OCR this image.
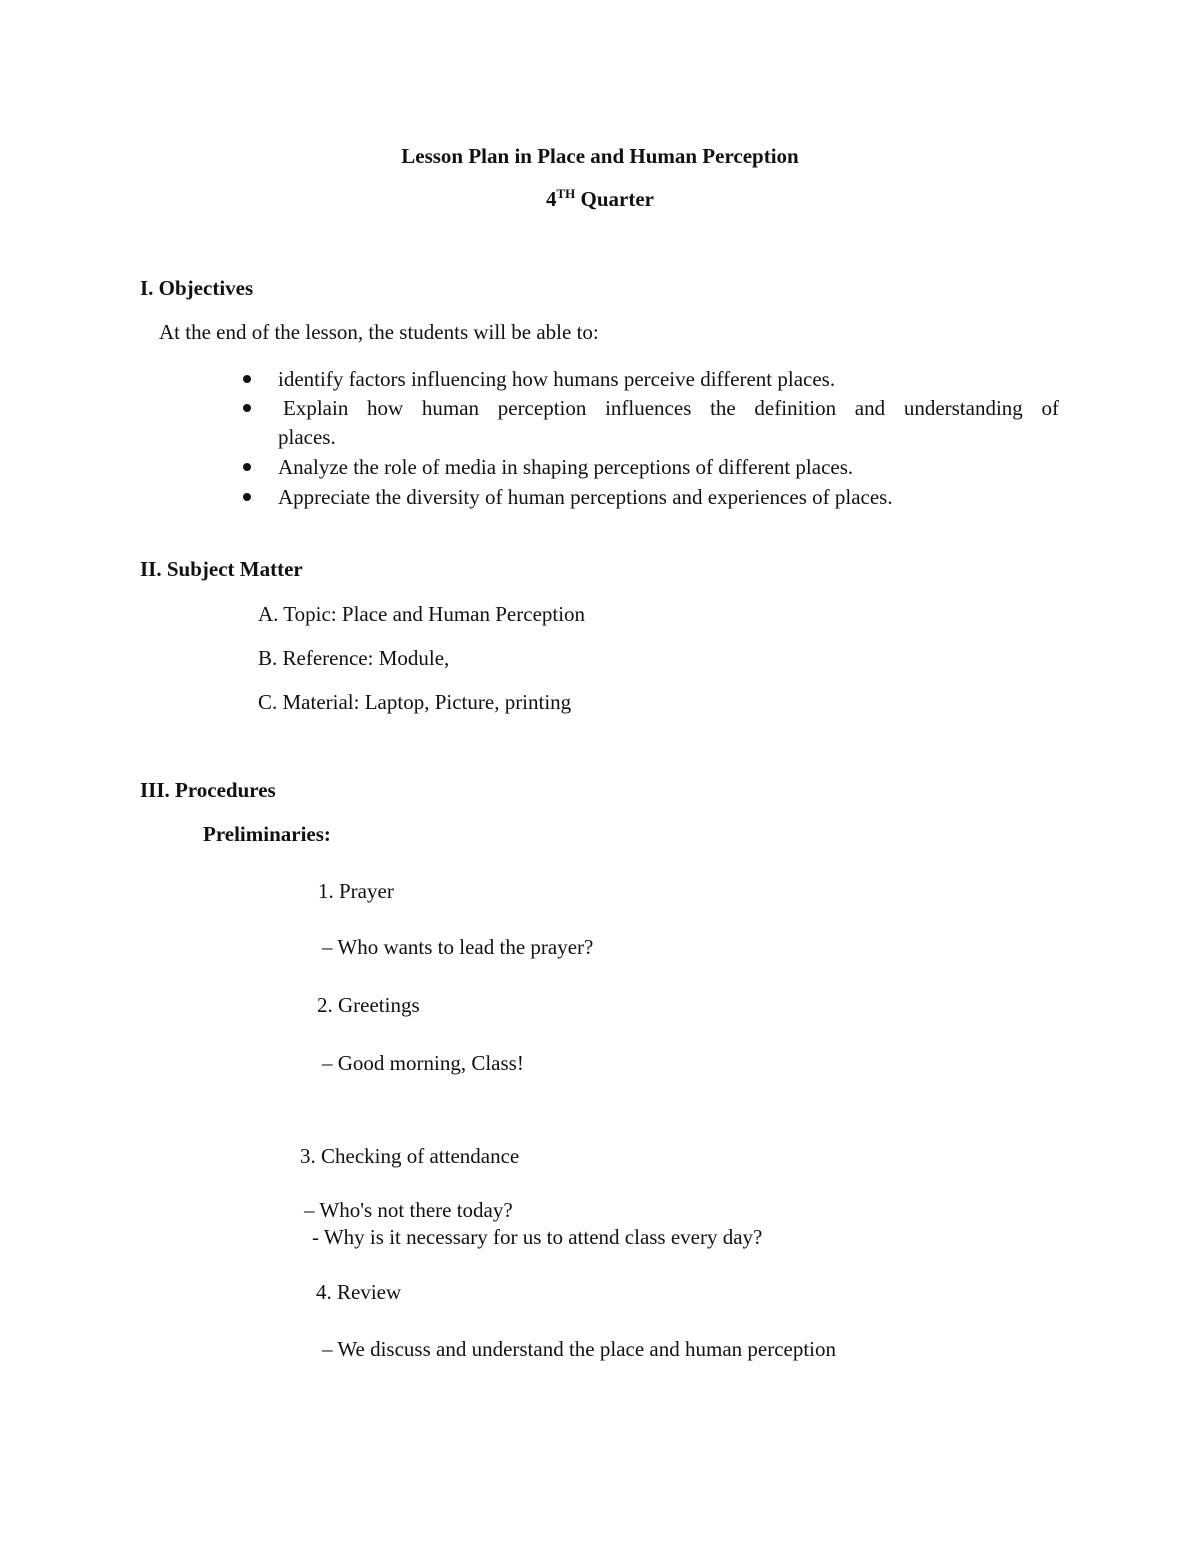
Lesson Plan in Place and Human Perception
4TH Quarter
I. Objectives
At the end of the lesson, the students will be able to:
identify factors influencing how humans perceive different places.
Explain how human perception influences the definition and understanding of
places.
Analyze the role of media in shaping perceptions of different places.
Appreciate the diversity of human perceptions and experiences of places.
II. Subject Matter
A. Topic: Place and Human Perception
B. Reference: Module,
C. Material: Laptop, Picture, printing
III. Procedures
Preliminaries:
1. Prayer
– Who wants to lead the prayer?
2. Greetings
– Good morning, Class!
3. Checking of attendance
– Who's not there today?
- Why is it necessary for us to attend class every day?
4. Review
– We discuss and understand the place and human perception
